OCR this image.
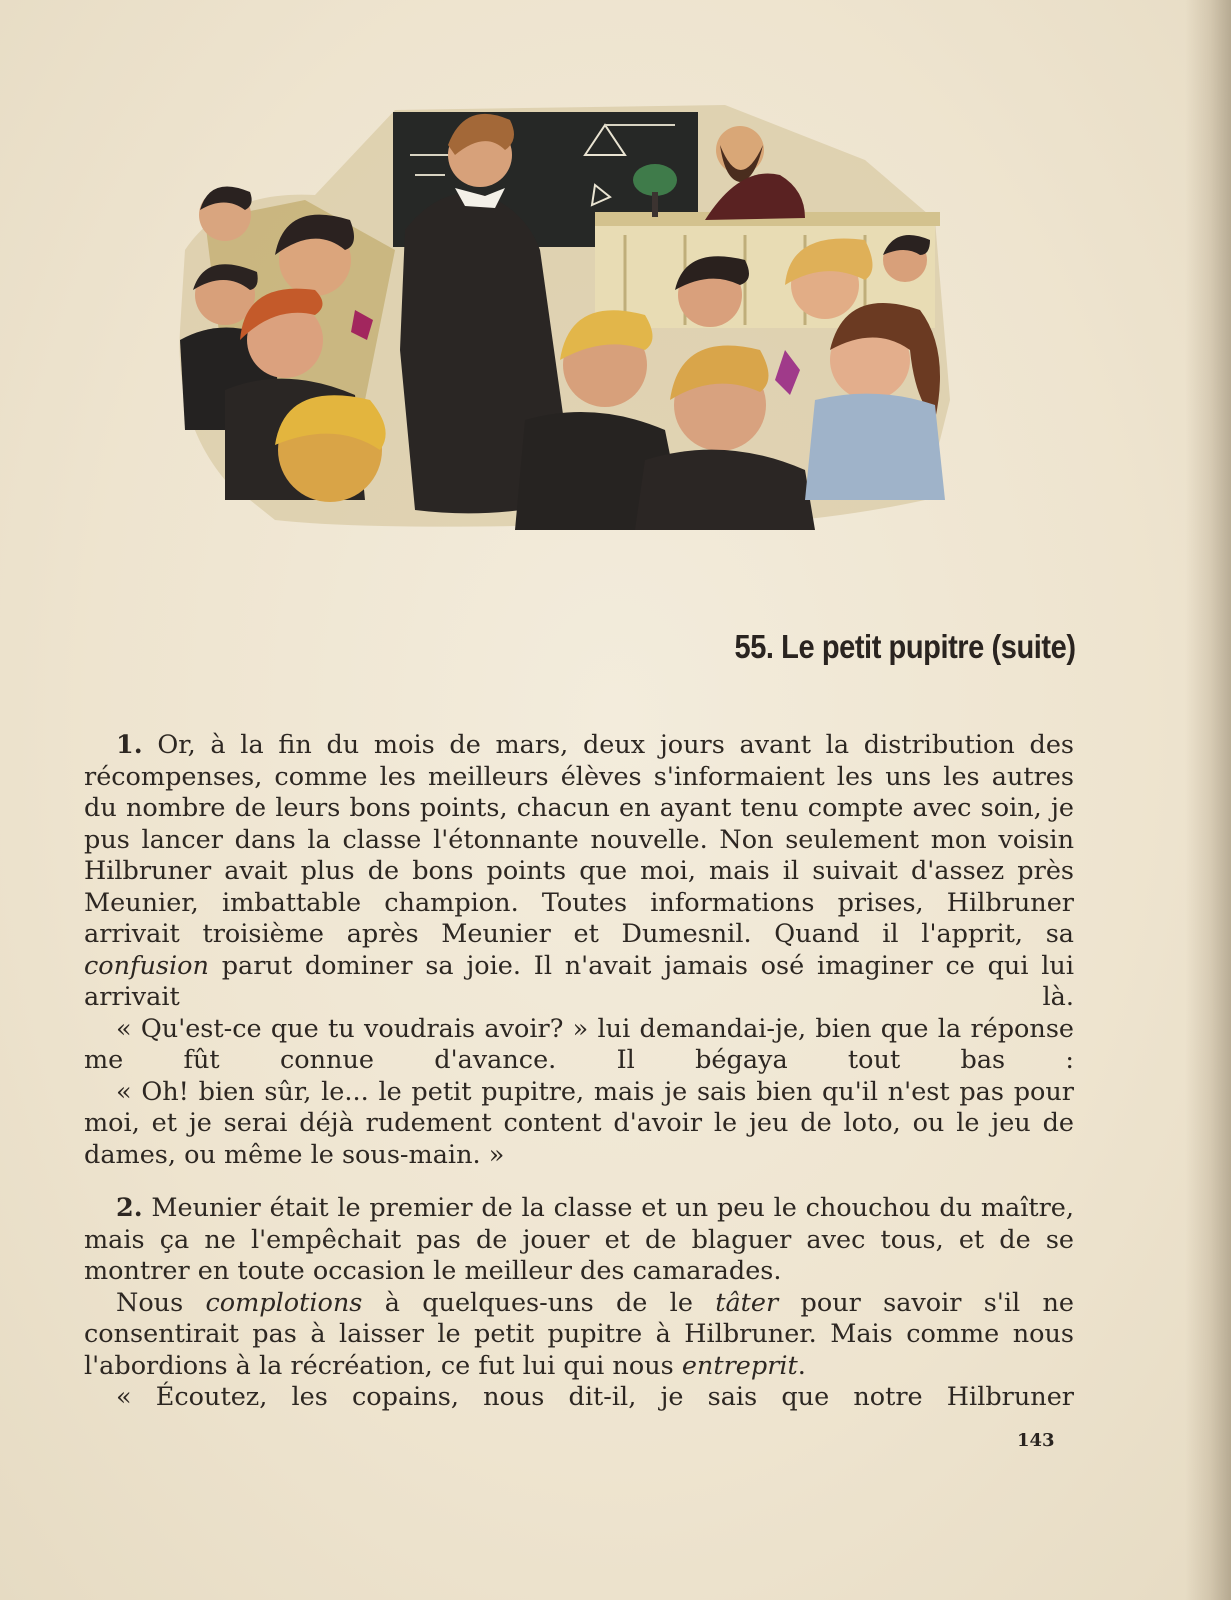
55. Le petit pupitre (suite)

1. Or, à la fin du mois de mars, deux jours avant la distribution des récompenses, comme les meilleurs élèves s'informaient les uns les autres du nombre de leurs bons points, chacun en ayant tenu compte avec soin, je pus lancer dans la classe l'étonnante nouvelle. Non seulement mon voisin Hilbruner avait plus de bons points que moi, mais il suivait d'assez près Meunier, imbattable champion. Toutes informations prises, Hilbruner arrivait troisième après Meunier et Dumesnil. Quand il l'apprit, sa confusion parut dominer sa joie. Il n'avait jamais osé imaginer ce qui lui arrivait là.

« Qu'est-ce que tu voudrais avoir? » lui demandai-je, bien que la réponse me fût connue d'avance. Il bégaya tout bas :

« Oh! bien sûr, le... le petit pupitre, mais je sais bien qu'il n'est pas pour moi, et je serai déjà rudement content d'avoir le jeu de loto, ou le jeu de dames, ou même le sous-main. »

2. Meunier était le premier de la classe et un peu le chouchou du maître, mais ça ne l'empêchait pas de jouer et de blaguer avec tous, et de se montrer en toute occasion le meilleur des camarades.

Nous complotions à quelques-uns de le tâter pour savoir s'il ne consentirait pas à laisser le petit pupitre à Hilbruner. Mais comme nous l'abordions à la récréation, ce fut lui qui nous entreprit.

« Écoutez, les copains, nous dit-il, je sais que notre Hilbruner

143
